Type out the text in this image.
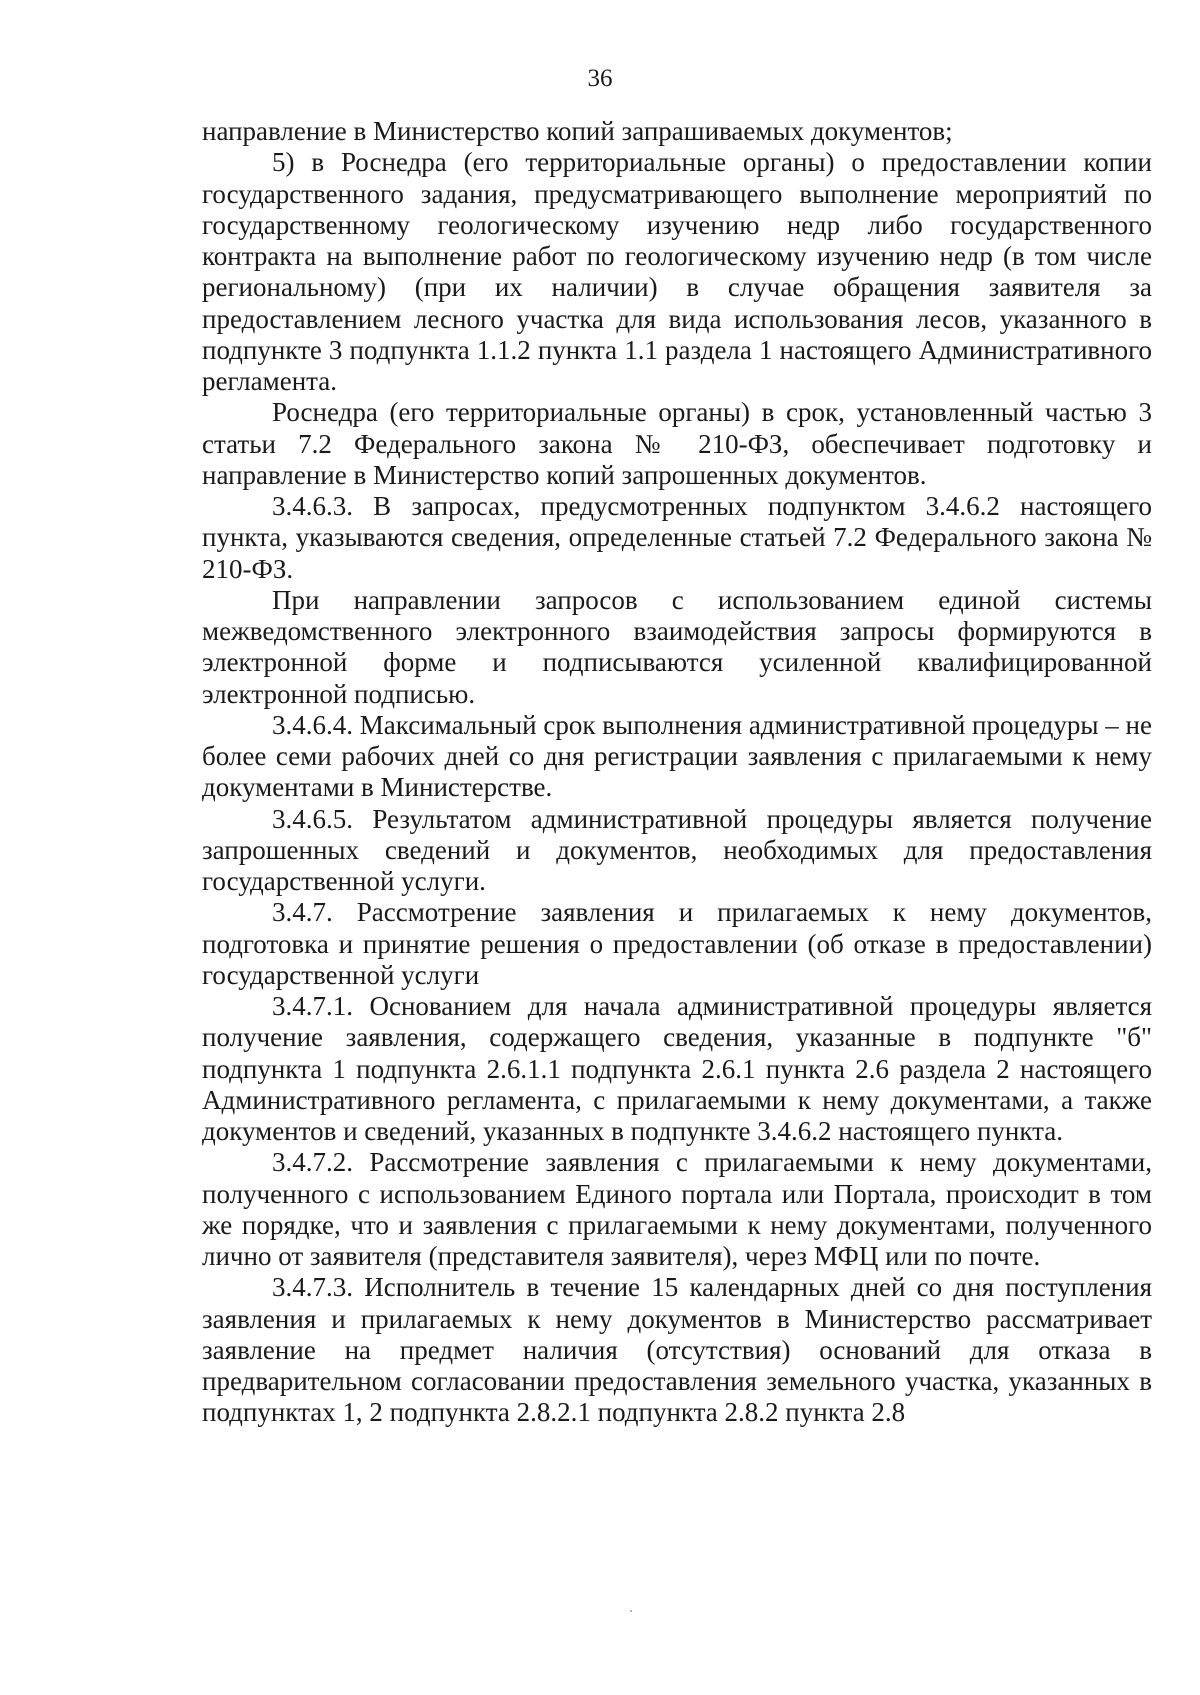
36

направление в Министерство копий запрашиваемых документов;

5) в Роснедра (его территориальные органы) о предоставлении копии государственного задания, предусматривающего выполнение мероприятий по государственному геологическому изучению недр либо государственного контракта на выполнение работ по геологическому изучению недр (в том числе региональному) (при их наличии) в случае обращения заявителя за предоставлением лесного участка для вида использования лесов, указанного в подпункте 3 подпункта 1.1.2 пункта 1.1 раздела 1 настоящего Административного регламента.

Роснедра (его территориальные органы) в срок, установленный частью 3 статьи 7.2 Федерального закона № 210-ФЗ, обеспечивает подготовку и направление в Министерство копий запрошенных документов.

3.4.6.3. В запросах, предусмотренных подпунктом 3.4.6.2 настоящего пункта, указываются сведения, определенные статьей 7.2 Федерального закона № 210-ФЗ.

При направлении запросов с использованием единой системы межведомственного электронного взаимодействия запросы формируются в электронной форме и подписываются усиленной квалифицированной электронной подписью.

3.4.6.4. Максимальный срок выполнения административной процедуры – не более семи рабочих дней со дня регистрации заявления с прилагаемыми к нему документами в Министерстве.

3.4.6.5. Результатом административной процедуры является получение запрошенных сведений и документов, необходимых для предоставления государственной услуги.

3.4.7. Рассмотрение заявления и прилагаемых к нему документов, подготовка и принятие решения о предоставлении (об отказе в предоставлении) государственной услуги

3.4.7.1. Основанием для начала административной процедуры является получение заявления, содержащего сведения, указанные в подпункте "б" подпункта 1 подпункта 2.6.1.1 подпункта 2.6.1 пункта 2.6 раздела 2 настоящего Административного регламента, с прилагаемыми к нему документами, а также документов и сведений, указанных в подпункте 3.4.6.2 настоящего пункта.

3.4.7.2. Рассмотрение заявления с прилагаемыми к нему документами, полученного с использованием Единого портала или Портала, происходит в том же порядке, что и заявления с прилагаемыми к нему документами, полученного лично от заявителя (представителя заявителя), через МФЦ или по почте.

3.4.7.3. Исполнитель в течение 15 календарных дней со дня поступления заявления и прилагаемых к нему документов в Министерство рассматривает заявление на предмет наличия (отсутствия) оснований для отказа в предварительном согласовании предоставления земельного участка, указанных в подпунктах 1, 2 подпункта 2.8.2.1 подпункта 2.8.2 пункта 2.8
